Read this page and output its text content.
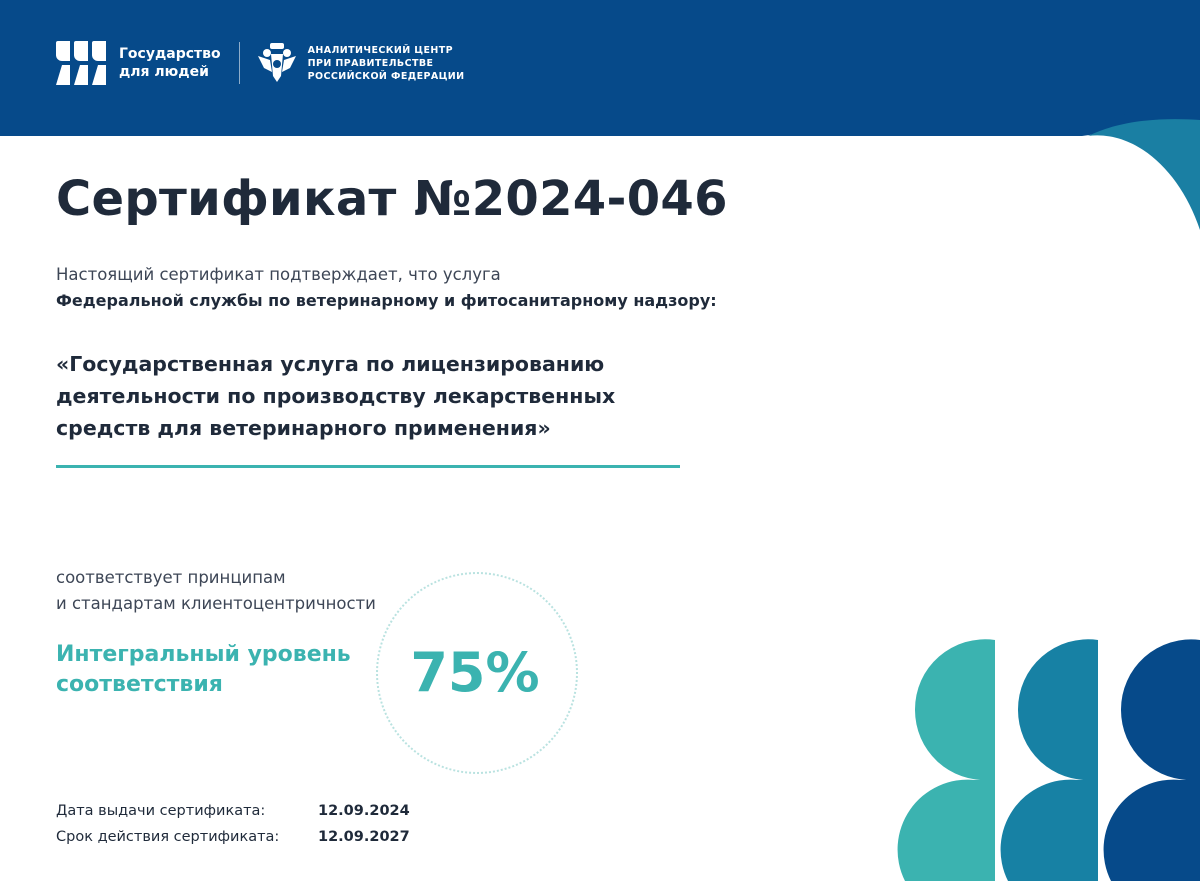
Государство
для людей
АНАЛИТИЧЕСКИЙ ЦЕНТР
ПРИ ПРАВИТЕЛЬСТВЕ
РОССИЙСКОЙ ФЕДЕРАЦИИ
Сертификат №2024-046
Настоящий сертификат подтверждает, что услуга
Федеральной службы по ветеринарному и фитосанитарному надзору:
«Государственная услуга по лицензированию
деятельности по производству лекарственных
средств для ветеринарного применения»
соответствует принципам
и стандартам клиентоцентричности
Интегральный уровень
соответствия	75%
Дата выдачи сертификата:	12.09.2024
Срок действия сертификата:	12.09.2027
